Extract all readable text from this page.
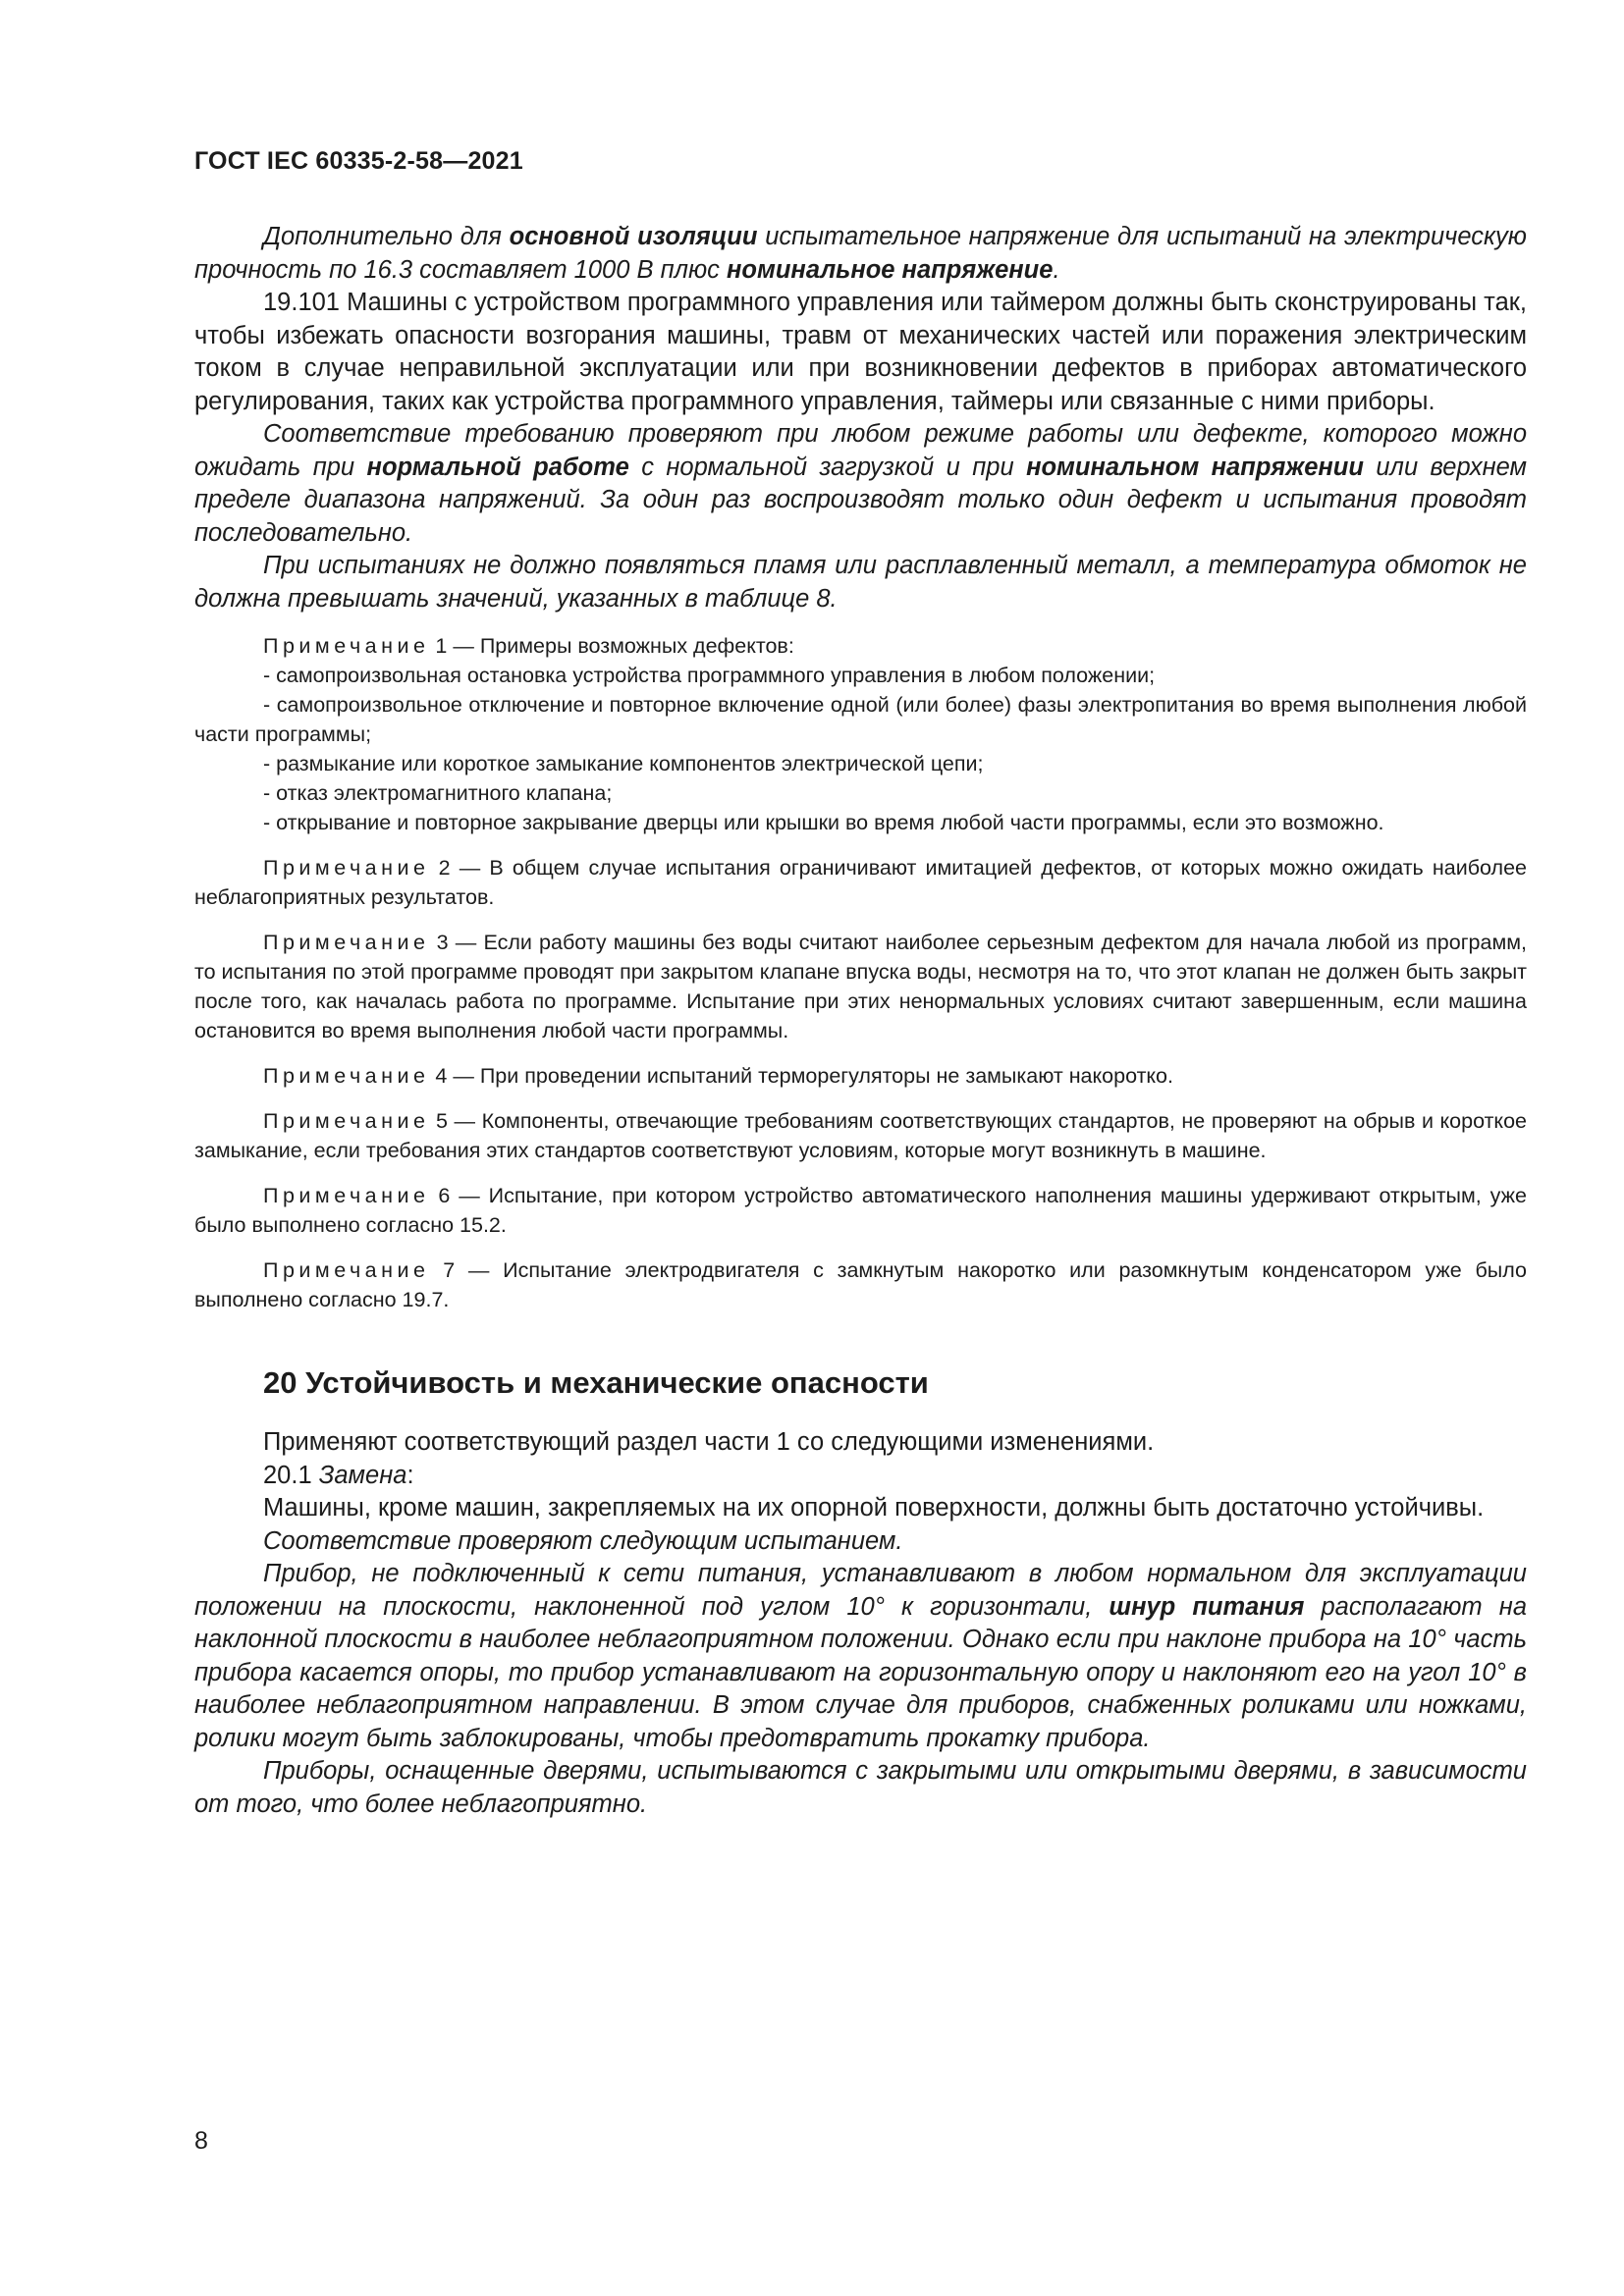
ГОСТ IEC 60335-2-58—2021

Дополнительно для основной изоляции испытательное напряжение для испытаний на электрическую прочность по 16.3 составляет 1000 В плюс номинальное напряжение.

19.101 Машины с устройством программного управления или таймером должны быть сконструированы так, чтобы избежать опасности возгорания машины, травм от механических частей или поражения электрическим током в случае неправильной эксплуатации или при возникновении дефектов в приборах автоматического регулирования, таких как устройства программного управления, таймеры или связанные с ними приборы.

Соответствие требованию проверяют при любом режиме работы или дефекте, которого можно ожидать при нормальной работе с нормальной загрузкой и при номинальном напряжении или верхнем пределе диапазона напряжений. За один раз воспроизводят только один дефект и испытания проводят последовательно.

При испытаниях не должно появляться пламя или расплавленный металл, а температура обмоток не должна превышать значений, указанных в таблице 8.

Примечание 1 — Примеры возможных дефектов:

- самопроизвольная остановка устройства программного управления в любом положении;

- самопроизвольное отключение и повторное включение одной (или более) фазы электропитания во время выполнения любой части программы;

- размыкание или короткое замыкание компонентов электрической цепи;

- отказ электромагнитного клапана;

- открывание и повторное закрывание дверцы или крышки во время любой части программы, если это возможно.

Примечание 2 — В общем случае испытания ограничивают имитацией дефектов, от которых можно ожидать наиболее неблагоприятных результатов.

Примечание 3 — Если работу машины без воды считают наиболее серьезным дефектом для начала любой из программ, то испытания по этой программе проводят при закрытом клапане впуска воды, несмотря на то, что этот клапан не должен быть закрыт после того, как началась работа по программе. Испытание при этих ненормальных условиях считают завершенным, если машина остановится во время выполнения любой части программы.

Примечание 4 — При проведении испытаний терморегуляторы не замыкают накоротко.

Примечание 5 — Компоненты, отвечающие требованиям соответствующих стандартов, не проверяют на обрыв и короткое замыкание, если требования этих стандартов соответствуют условиям, которые могут возникнуть в машине.

Примечание 6 — Испытание, при котором устройство автоматического наполнения машины удерживают открытым, уже было выполнено согласно 15.2.

Примечание 7 — Испытание электродвигателя с замкнутым накоротко или разомкнутым конденсатором уже было выполнено согласно 19.7.

20 Устойчивость и механические опасности

Применяют соответствующий раздел части 1 со следующими изменениями.

20.1 Замена:

Машины, кроме машин, закрепляемых на их опорной поверхности, должны быть достаточно устойчивы.

Соответствие проверяют следующим испытанием.

Прибор, не подключенный к сети питания, устанавливают в любом нормальном для эксплуатации положении на плоскости, наклоненной под углом 10° к горизонтали, шнур питания располагают на наклонной плоскости в наиболее неблагоприятном положении. Однако если при наклоне прибора на 10° часть прибора касается опоры, то прибор устанавливают на горизонтальную опору и наклоняют его на угол 10° в наиболее неблагоприятном направлении. В этом случае для приборов, снабженных роликами или ножками, ролики могут быть заблокированы, чтобы предотвратить прокатку прибора.

Приборы, оснащенные дверями, испытываются с закрытыми или открытыми дверями, в зависимости от того, что более неблагоприятно.

8
